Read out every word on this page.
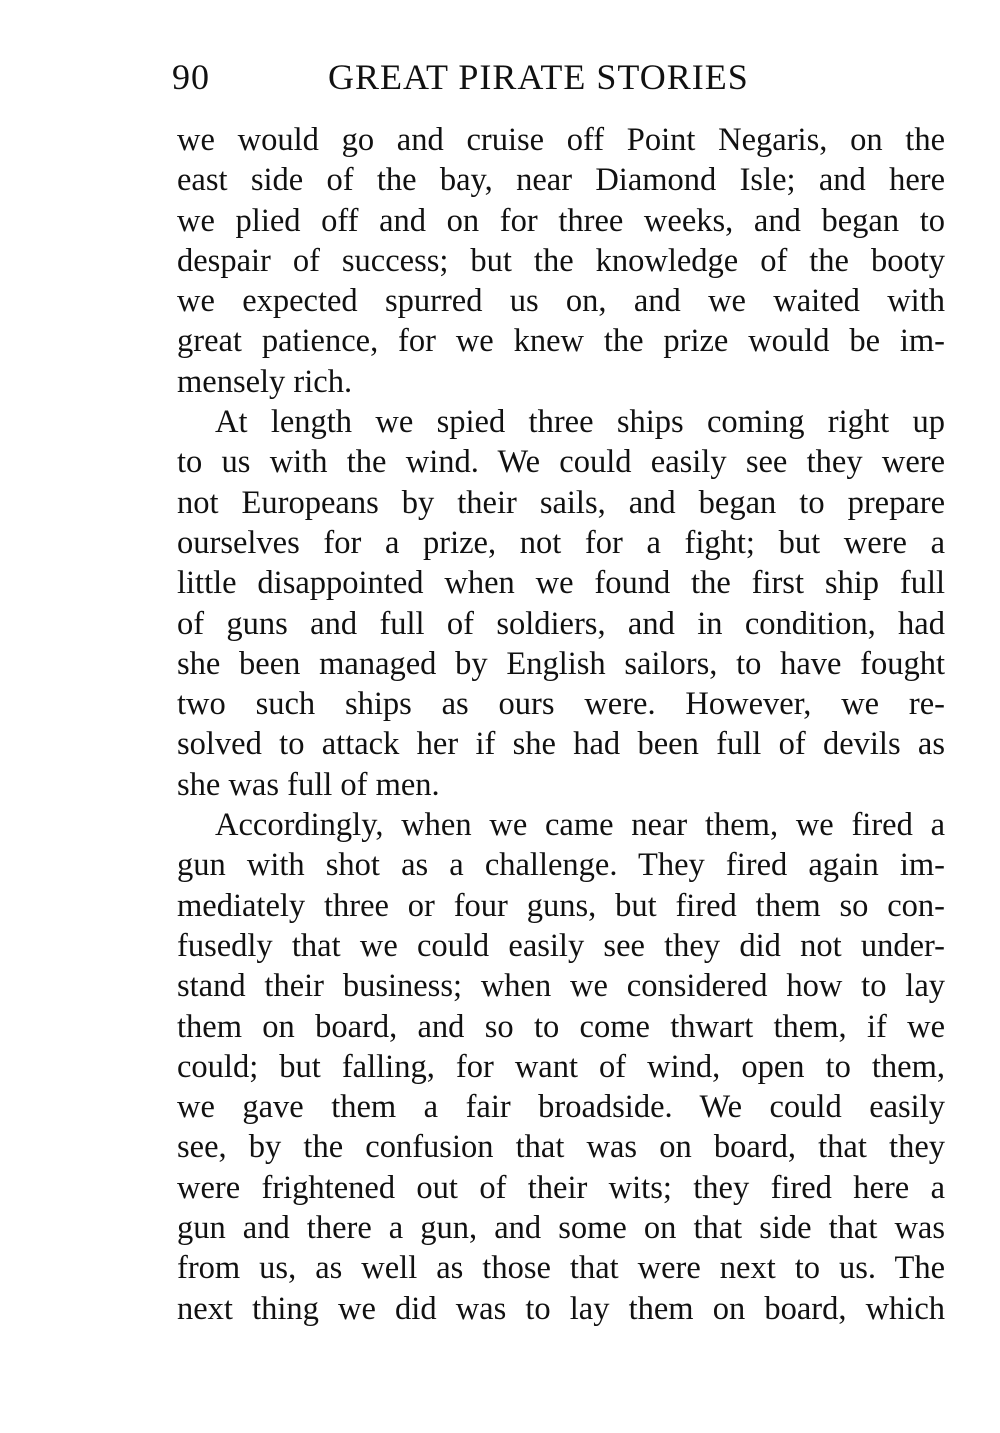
90	GREAT PIRATE STORIES
we would go and cruise off Point Negaris, on the
east side of the bay, near Diamond Isle; and here
we plied off and on for three weeks, and began to
despair of success; but the knowledge of the booty
we expected spurred us on, and we waited with
great patience, for we knew the prize would be im-
mensely rich.
At length we spied three ships coming right up
to us with the wind. We could easily see they were
not Europeans by their sails, and began to prepare
ourselves for a prize, not for a fight; but were a
little disappointed when we found the first ship full
of guns and full of soldiers, and in condition, had
she been managed by English sailors, to have fought
two such ships as ours were. However, we re-
solved to attack her if she had been full of devils as
she was full of men.
Accordingly, when we came near them, we fired a
gun with shot as a challenge. They fired again im-
mediately three or four guns, but fired them so con-
fusedly that we could easily see they did not under-
stand their business; when we considered how to lay
them on board, and so to come thwart them, if we
could; but falling, for want of wind, open to them,
we gave them a fair broadside. We could easily
see, by the confusion that was on board, that they
were frightened out of their wits; they fired here a
gun and there a gun, and some on that side that was
from us, as well as those that were next to us. The
next thing we did was to lay them on board, which
